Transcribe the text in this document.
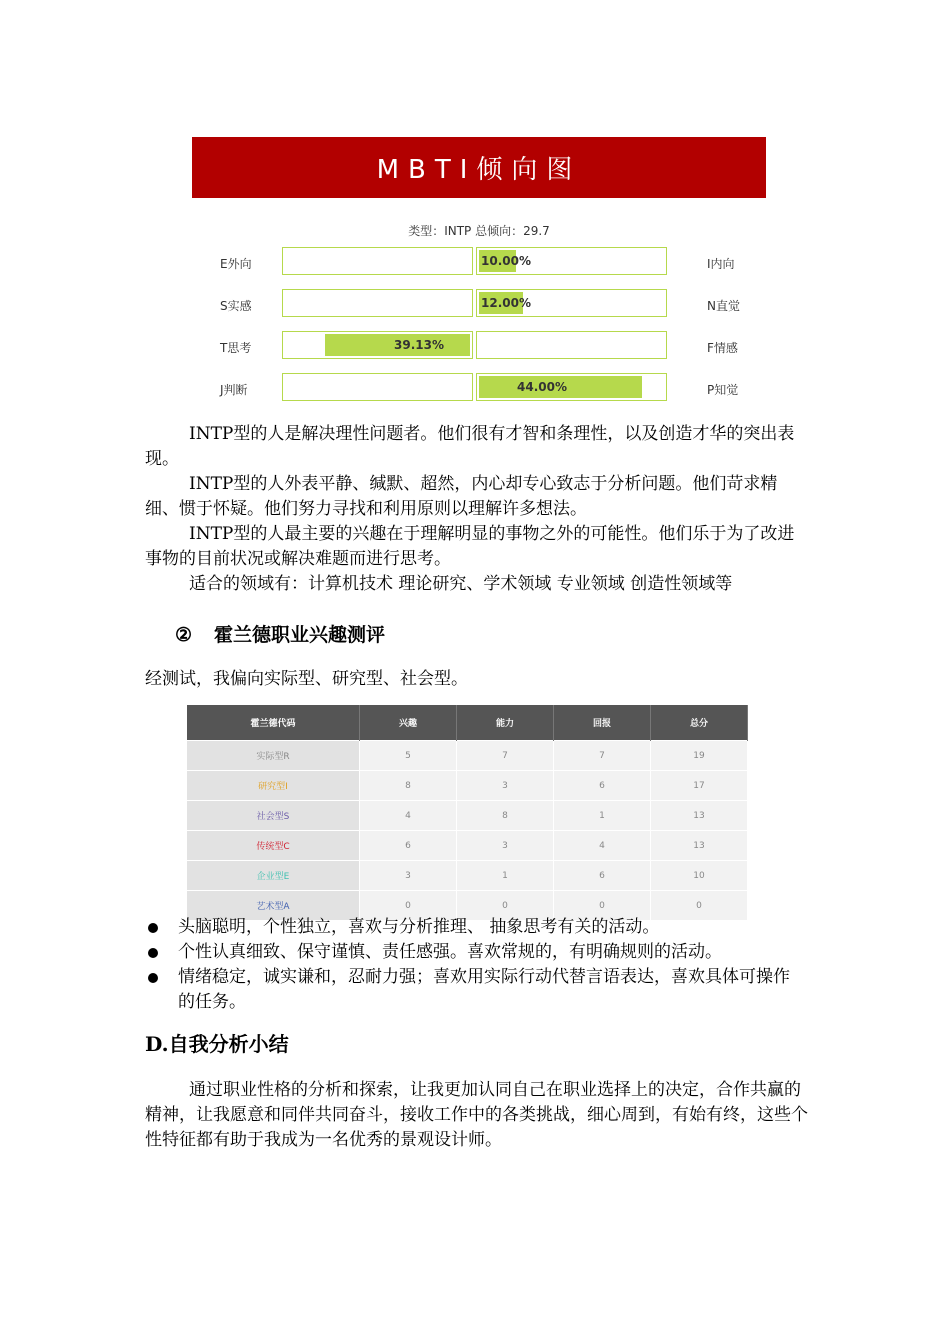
MBTI倾向图
类型：INTP 总倾向：29.7
E外向	10.00%	I内向
S实感	12.00%	N直觉
T思考	39.13%	F情感
J判断	44.00%	P知觉

INTP型的人是解决理性问题者。他们很有才智和条理性，以及创造才华的突出表现。

INTP型的人外表平静、缄默、超然，内心却专心致志于分析问题。他们苛求精细、惯于怀疑。他们努力寻找和利用原则以理解许多想法。

INTP型的人最主要的兴趣在于理解明显的事物之外的可能性。他们乐于为了改进事物的目前状况或解决难题而进行思考。

适合的领域有：计算机技术 理论研究、学术领域 专业领域 创造性领域等

② 霍兰德职业兴趣测评

经测试，我偏向实际型、研究型、社会型。

霍兰德代码	兴趣	能力	回报	总分
实际型R	5	7	7	19
研究型I	8	3	6	17
社会型S	4	8	1	13
传统型C	6	3	4	13
企业型E	3	1	6	10
艺术型A	0	0	0	0
头脑聪明，个性独立，喜欢与分析推理、 抽象思考有关的活动。
个性认真细致、保守谨慎、责任感强。喜欢常规的，有明确规则的活动。
情绪稳定，诚实谦和，忍耐力强；喜欢用实际行动代替言语表达，喜欢具体可操作 的任务。
D.自我分析小结

通过职业性格的分析和探索，让我更加认同自己在职业选择上的决定，合作共赢的精神，让我愿意和同伴共同奋斗，接收工作中的各类挑战，细心周到，有始有终，这些个性特征都有助于我成为一名优秀的景观设计师。
